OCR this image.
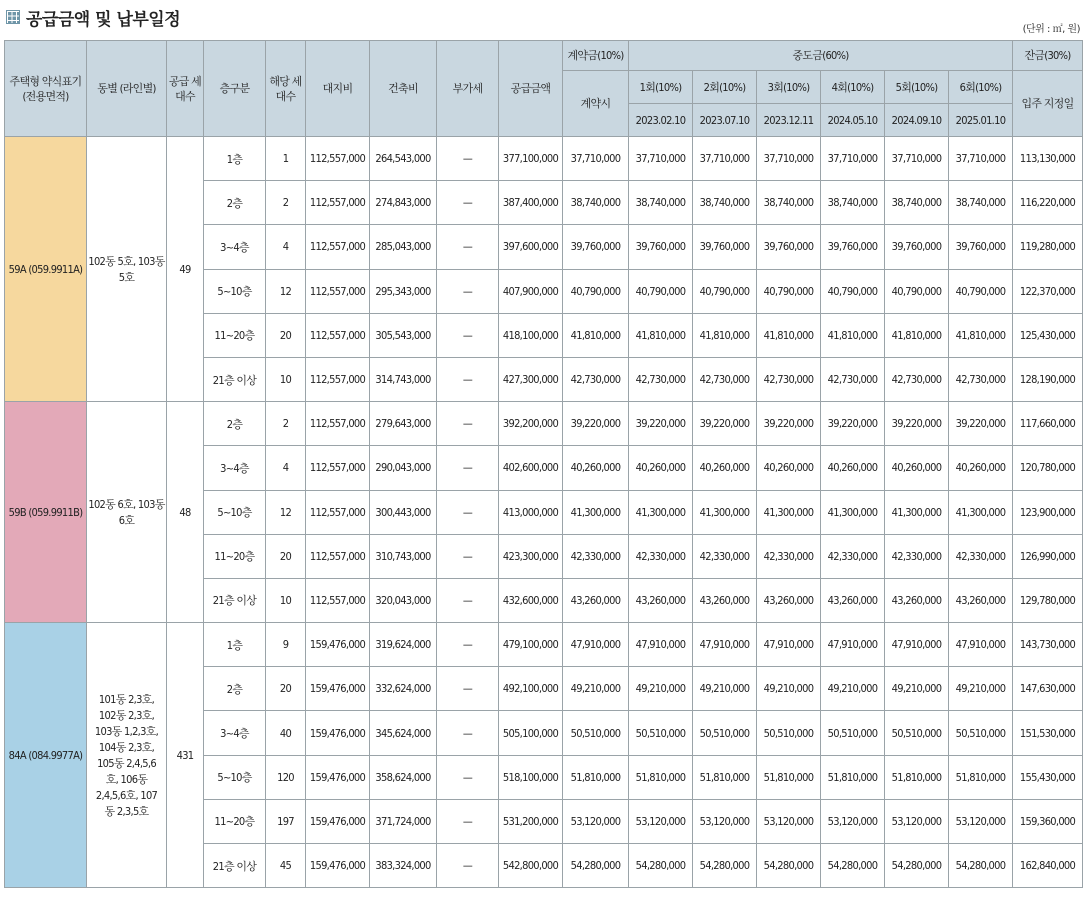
공급금액 및 납부일정	(단위 : ㎡, 원)
주택형 약식표기 (전용면적)	동별 (라인별)	공급 세대수	층구분	해당 세대수	대지비	건축비	부가세	공급금액	계약금(10%)	중도금(60%)						잔금(30%)
									계약시	1회(10%)	2회(10%)	3회(10%)	4회(10%)	5회(10%)	6회(10%)	입주 지정일
										2023.02.10	2023.07.10	2023.12.11	2024.05.10	2024.09.10	2025.01.10	
59A (059.9911A)	102동 5호, 103동 5호	49	1층	1	112,557,000	264,543,000	—	377,100,000	37,710,000	37,710,000	37,710,000	37,710,000	37,710,000	37,710,000	37,710,000	113,130,000
			2층	2	112,557,000	274,843,000	—	387,400,000	38,740,000	38,740,000	38,740,000	38,740,000	38,740,000	38,740,000	38,740,000	116,220,000
			3~4층	4	112,557,000	285,043,000	—	397,600,000	39,760,000	39,760,000	39,760,000	39,760,000	39,760,000	39,760,000	39,760,000	119,280,000
			5~10층	12	112,557,000	295,343,000	—	407,900,000	40,790,000	40,790,000	40,790,000	40,790,000	40,790,000	40,790,000	40,790,000	122,370,000
			11~20층	20	112,557,000	305,543,000	—	418,100,000	41,810,000	41,810,000	41,810,000	41,810,000	41,810,000	41,810,000	41,810,000	125,430,000
			21층 이상	10	112,557,000	314,743,000	—	427,300,000	42,730,000	42,730,000	42,730,000	42,730,000	42,730,000	42,730,000	42,730,000	128,190,000
59B (059.9911B)	102동 6호, 103동 6호	48	2층	2	112,557,000	279,643,000	—	392,200,000	39,220,000	39,220,000	39,220,000	39,220,000	39,220,000	39,220,000	39,220,000	117,660,000
			3~4층	4	112,557,000	290,043,000	—	402,600,000	40,260,000	40,260,000	40,260,000	40,260,000	40,260,000	40,260,000	40,260,000	120,780,000
			5~10층	12	112,557,000	300,443,000	—	413,000,000	41,300,000	41,300,000	41,300,000	41,300,000	41,300,000	41,300,000	41,300,000	123,900,000
			11~20층	20	112,557,000	310,743,000	—	423,300,000	42,330,000	42,330,000	42,330,000	42,330,000	42,330,000	42,330,000	42,330,000	126,990,000
			21층 이상	10	112,557,000	320,043,000	—	432,600,000	43,260,000	43,260,000	43,260,000	43,260,000	43,260,000	43,260,000	43,260,000	129,780,000
84A (084.9977A)	101동 2,3호, 102동 2,3호, 103동 1,2,3호, 104동 2,3호, 105동 2,4,5,6호, 106동 2,4,5,6호, 107동 2,3,5호	431	1층	9	159,476,000	319,624,000	—	479,100,000	47,910,000	47,910,000	47,910,000	47,910,000	47,910,000	47,910,000	47,910,000	143,730,000
			2층	20	159,476,000	332,624,000	—	492,100,000	49,210,000	49,210,000	49,210,000	49,210,000	49,210,000	49,210,000	49,210,000	147,630,000
			3~4층	40	159,476,000	345,624,000	—	505,100,000	50,510,000	50,510,000	50,510,000	50,510,000	50,510,000	50,510,000	50,510,000	151,530,000
			5~10층	120	159,476,000	358,624,000	—	518,100,000	51,810,000	51,810,000	51,810,000	51,810,000	51,810,000	51,810,000	51,810,000	155,430,000
			11~20층	197	159,476,000	371,724,000	—	531,200,000	53,120,000	53,120,000	53,120,000	53,120,000	53,120,000	53,120,000	53,120,000	159,360,000
			21층 이상	45	159,476,000	383,324,000	—	542,800,000	54,280,000	54,280,000	54,280,000	54,280,000	54,280,000	54,280,000	54,280,000	162,840,000
